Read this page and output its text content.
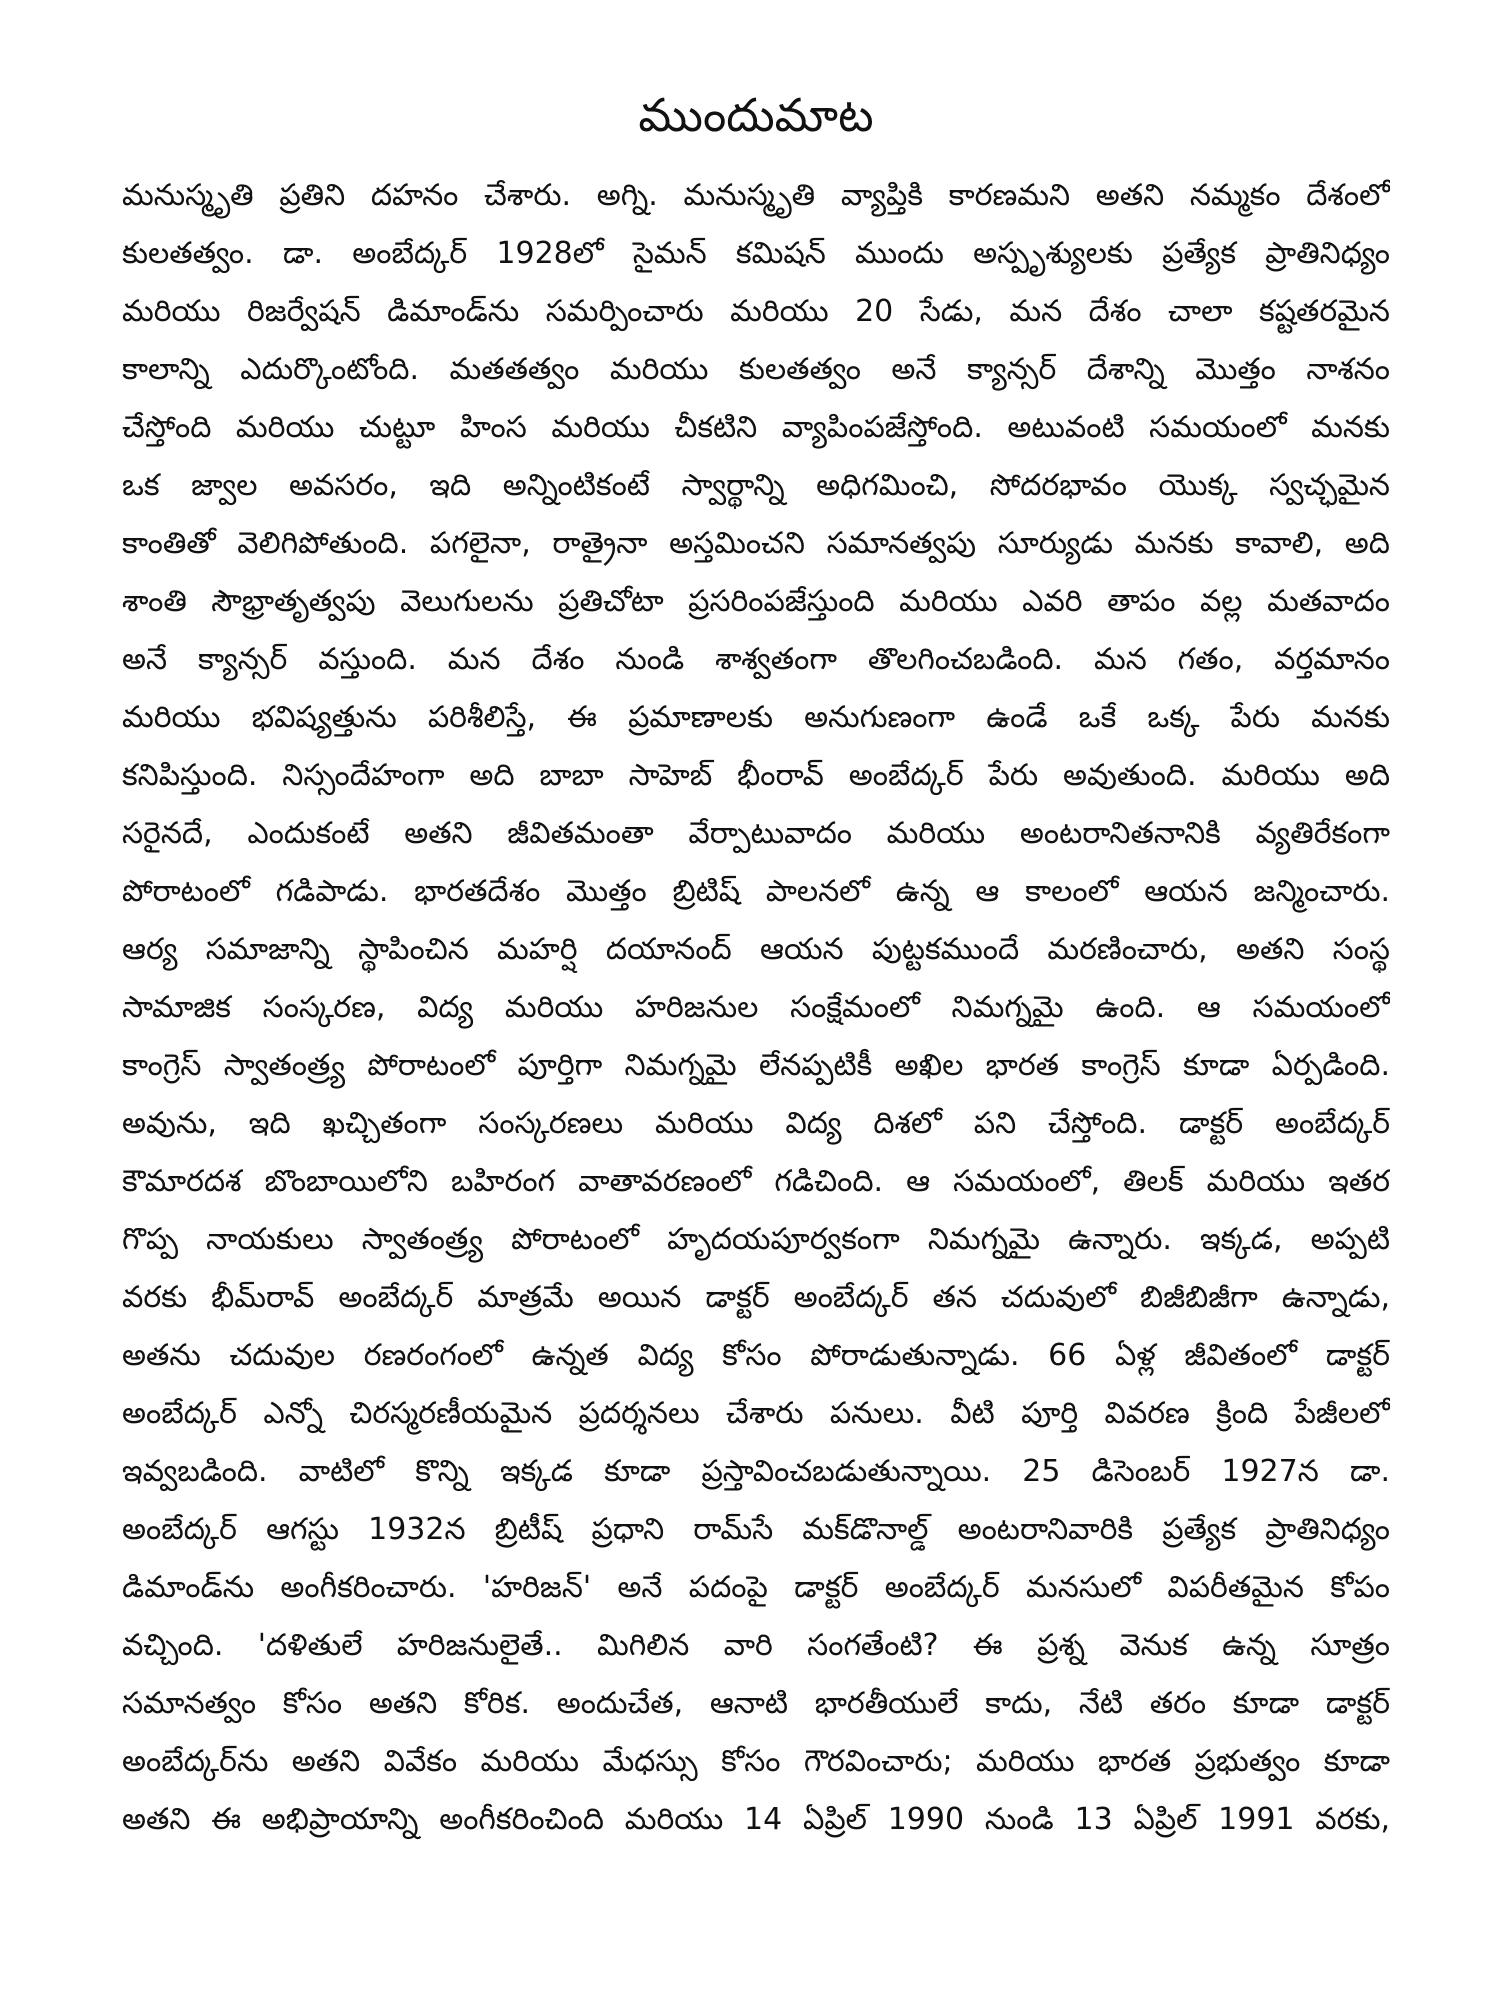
ముందుమాట
మనుస్మృతి ప్రతిని దహనం చేశారు. అగ్ని. మనుస్మృతి వ్యాప్తికి కారణమని అతని నమ్మకం దేశంలో
కులతత్వం. డా. అంబేద్కర్ 1928లో సైమన్ కమిషన్ ముందు అస్పృశ్యులకు ప్రత్యేక ప్రాతినిధ్యం
మరియు రిజర్వేషన్ డిమాండ్‌ను సమర్పించారు మరియు 20 సేడు, మన దేశం చాలా కష్టతరమైన
కాలాన్ని ఎదుర్కొంటోంది. మతతత్వం మరియు కులతత్వం అనే క్యాన్సర్ దేశాన్ని మొత్తం నాశనం
చేస్తోంది మరియు చుట్టూ హింస మరియు చీకటిని వ్యాపింపజేస్తోంది. అటువంటి సమయంలో మనకు
ఒక జ్వాల అవసరం, ఇది అన్నింటికంటే స్వార్థాన్ని అధిగమించి, సోదరభావం యొక్క స్వచ్ఛమైన
కాంతితో వెలిగిపోతుంది. పగలైనా, రాత్రైనా అస్తమించని సమానత్వపు సూర్యుడు మనకు కావాలి, అది
శాంతి సౌభ్రాతృత్వపు వెలుగులను ప్రతిచోటా ప్రసరింపజేస్తుంది మరియు ఎవరి తాపం వల్ల మతవాదం
అనే క్యాన్సర్ వస్తుంది. మన దేశం నుండి శాశ్వతంగా తొలగించబడింది. మన గతం, వర్తమానం
మరియు భవిష్యత్తును పరిశీలిస్తే, ఈ ప్రమాణాలకు అనుగుణంగా ఉండే ఒకే ఒక్క పేరు మనకు
కనిపిస్తుంది. నిస్సందేహంగా అది బాబా సాహెబ్ భీంరావ్ అంబేద్కర్ పేరు అవుతుంది. మరియు అది
సరైనదే, ఎందుకంటే అతని జీవితమంతా వేర్పాటువాదం మరియు అంటరానితనానికి వ్యతిరేకంగా
పోరాటంలో గడిపాడు. భారతదేశం మొత్తం బ్రిటిష్ పాలనలో ఉన్న ఆ కాలంలో ఆయన జన్మించారు.
ఆర్య సమాజాన్ని స్థాపించిన మహర్షి దయానంద్ ఆయన పుట్టకముందే మరణించారు, అతని సంస్థ
సామాజిక సంస్కరణ, విద్య మరియు హరిజనుల సంక్షేమంలో నిమగ్నమై ఉంది. ఆ సమయంలో
కాంగ్రెస్ స్వాతంత్ర్య పోరాటంలో పూర్తిగా నిమగ్నమై లేనప్పటికీ అఖిల భారత కాంగ్రెస్ కూడా ఏర్పడింది.
అవును, ఇది ఖచ్చితంగా సంస్కరణలు మరియు విద్య దిశలో పని చేస్తోంది. డాక్టర్ అంబేద్కర్
కౌమారదశ బొంబాయిలోని బహిరంగ వాతావరణంలో గడిచింది. ఆ సమయంలో, తిలక్ మరియు ఇతర
గొప్ప నాయకులు స్వాతంత్ర్య పోరాటంలో హృదయపూర్వకంగా నిమగ్నమై ఉన్నారు. ఇక్కడ, అప్పటి
వరకు భీమ్‌రావ్ అంబేద్కర్ మాత్రమే అయిన డాక్టర్ అంబేద్కర్ తన చదువులో బిజీబిజీగా ఉన్నాడు,
అతను చదువుల రణరంగంలో ఉన్నత విద్య కోసం పోరాడుతున్నాడు. 66 ఏళ్ల జీవితంలో డాక్టర్
అంబేద్కర్ ఎన్నో చిరస్మరణీయమైన ప్రదర్శనలు చేశారు పనులు. వీటి పూర్తి వివరణ క్రింది పేజీలలో
ఇవ్వబడింది. వాటిలో కొన్ని ఇక్కడ కూడా ప్రస్తావించబడుతున్నాయి. 25 డిసెంబర్ 1927న డా.
అంబేద్కర్ ఆగస్టు 1932న బ్రిటీష్ ప్రధాని రామ్‌సే మక్‌డొనాల్డ్ అంటరానివారికి ప్రత్యేక ప్రాతినిధ్యం
డిమాండ్‌ను అంగీకరించారు. 'హరిజన్' అనే పదంపై డాక్టర్ అంబేద్కర్ మనసులో విపరీతమైన కోపం
వచ్చింది. 'దళితులే హరిజనులైతే.. మిగిలిన వారి సంగతేంటి? ఈ ప్రశ్న వెనుక ఉన్న సూత్రం
సమానత్వం కోసం అతని కోరిక. అందుచేత, ఆనాటి భారతీయులే కాదు, నేటి తరం కూడా డాక్టర్
అంబేద్కర్‌ను అతని వివేకం మరియు మేధస్సు కోసం గౌరవించారు; మరియు భారత ప్రభుత్వం కూడా
అతని ఈ అభిప్రాయాన్ని అంగీకరించింది మరియు 14 ఏప్రిల్ 1990 నుండి 13 ఏప్రిల్ 1991 వరకు,
